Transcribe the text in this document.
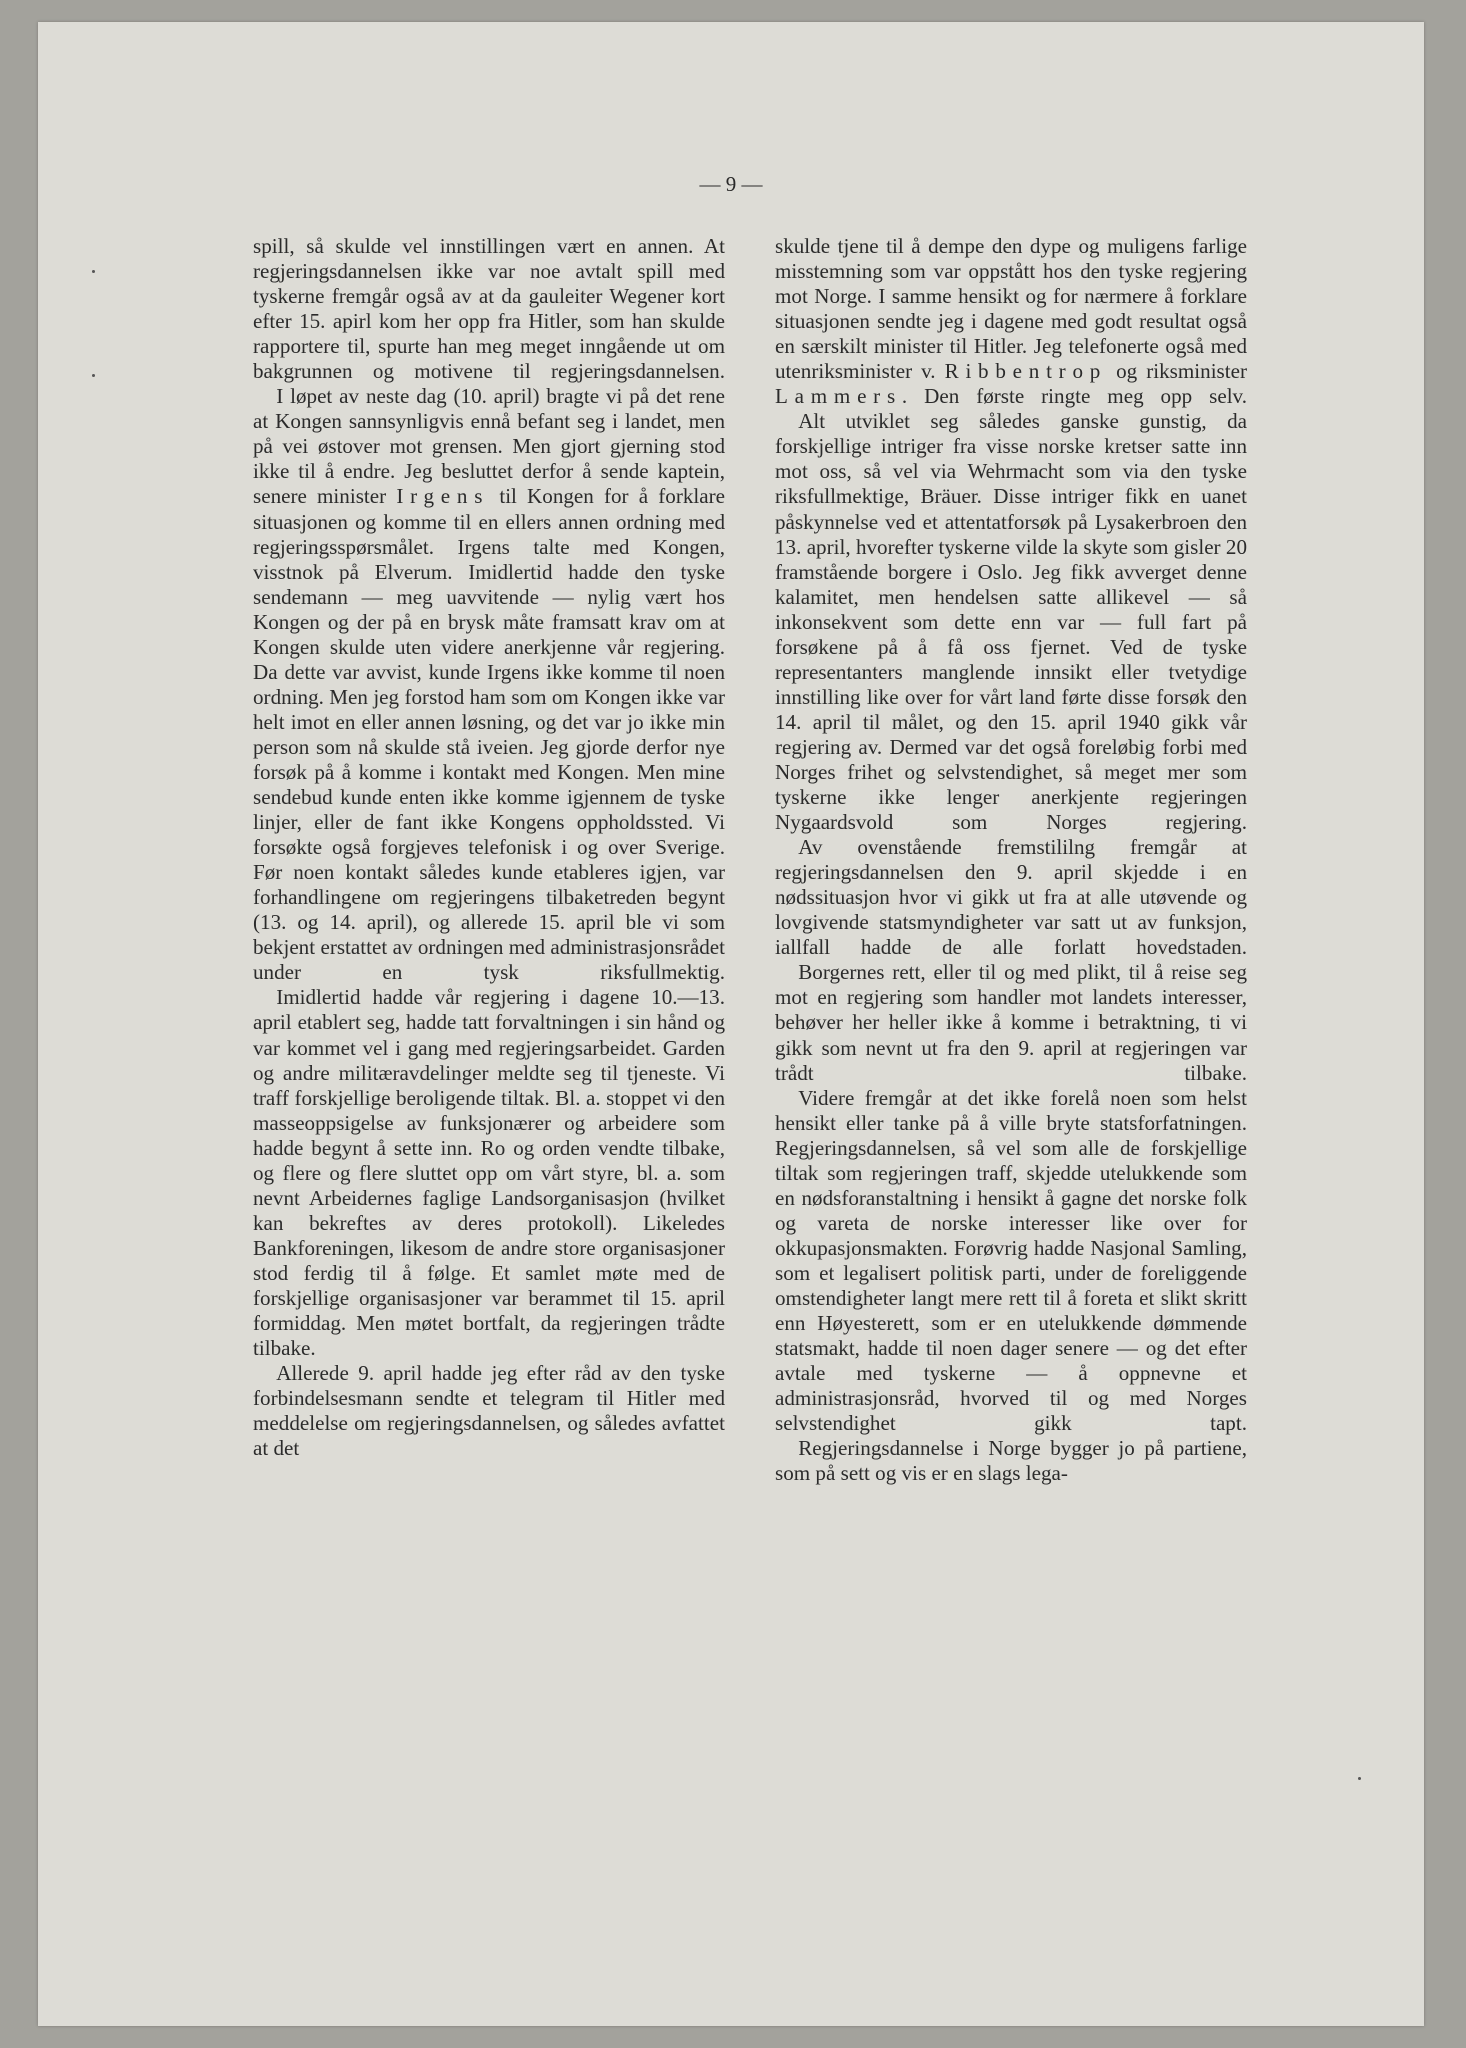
— 9 —

spill, så skulde vel innstillingen vært en annen. At regjeringsdannelsen ikke var noe avtalt spill med tyskerne fremgår også av at da gauleiter Wegener kort efter 15. apirl kom her opp fra Hitler, som han skulde rapportere til, spurte han meg meget inngående ut om bakgrunnen og motivene til regjeringsdannelsen.

I løpet av neste dag (10. april) bragte vi på det rene at Kongen sannsynligvis ennå befant seg i landet, men på vei østover mot grensen. Men gjort gjerning stod ikke til å endre. Jeg besluttet derfor å sende kaptein, senere minister Irgens til Kongen for å forklare situasjonen og komme til en ellers annen ordning med regjeringsspørsmålet. Irgens talte med Kongen, visstnok på Elverum. Imidlertid hadde den tyske sendemann — meg uavvitende — nylig vært hos Kongen og der på en brysk måte framsatt krav om at Kongen skulde uten videre anerkjenne vår regjering. Da dette var avvist, kunde Irgens ikke komme til noen ordning. Men jeg forstod ham som om Kongen ikke var helt imot en eller annen løsning, og det var jo ikke min person som nå skulde stå iveien. Jeg gjorde derfor nye forsøk på å komme i kontakt med Kongen. Men mine sendebud kunde enten ikke komme igjennem de tyske linjer, eller de fant ikke Kongens oppholdssted. Vi forsøkte også forgjeves telefonisk i og over Sverige. Før noen kontakt således kunde etableres igjen, var forhandlingene om regjeringens tilbaketreden begynt (13. og 14. april), og allerede 15. april ble vi som bekjent erstattet av ordningen med administrasjonsrådet under en tysk riksfullmektig.

Imidlertid hadde vår regjering i dagene 10.—13. april etablert seg, hadde tatt forvaltningen i sin hånd og var kommet vel i gang med regjeringsarbeidet. Garden og andre militæravdelinger meldte seg til tjeneste. Vi traff forskjellige beroligende tiltak. Bl. a. stoppet vi den masseoppsigelse av funksjonærer og arbeidere som hadde begynt å sette inn. Ro og orden vendte tilbake, og flere og flere sluttet opp om vårt styre, bl. a. som nevnt Arbeidernes faglige Landsorganisasjon (hvilket kan bekreftes av deres protokoll). Likeledes Bankforeningen, likesom de andre store organisasjoner stod ferdig til å følge. Et samlet møte med de forskjellige organisasjoner var berammet til 15. april formiddag. Men møtet bortfalt, da regjeringen trådte tilbake.

Allerede 9. april hadde jeg efter råd av den tyske forbindelsesmann sendte et telegram til Hitler med meddelelse om regjeringsdannelsen, og således avfattet at det

skulde tjene til å dempe den dype og muligens farlige misstemning som var oppstått hos den tyske regjering mot Norge. I samme hensikt og for nærmere å forklare situasjonen sendte jeg i dagene med godt resultat også en særskilt minister til Hitler. Jeg telefonerte også med utenriksminister v. Ribbentrop og riksminister Lammers. Den første ringte meg opp selv.

Alt utviklet seg således ganske gunstig, da forskjellige intriger fra visse norske kretser satte inn mot oss, så vel via Wehrmacht som via den tyske riksfullmektige, Bräuer. Disse intriger fikk en uanet påskynnelse ved et attentatforsøk på Lysakerbroen den 13. april, hvorefter tyskerne vilde la skyte som gisler 20 framstående borgere i Oslo. Jeg fikk avverget denne kalamitet, men hendelsen satte allikevel — så inkonsekvent som dette enn var — full fart på forsøkene på å få oss fjernet. Ved de tyske representanters manglende innsikt eller tvetydige innstilling like over for vårt land førte disse forsøk den 14. april til målet, og den 15. april 1940 gikk vår regjering av. Dermed var det også foreløbig forbi med Norges frihet og selvstendighet, så meget mer som tyskerne ikke lenger anerkjente regjeringen Nygaardsvold som Norges regjering.

Av ovenstående fremstililng fremgår at regjeringsdannelsen den 9. april skjedde i en nødssituasjon hvor vi gikk ut fra at alle utøvende og lovgivende statsmyndigheter var satt ut av funksjon, iallfall hadde de alle forlatt hovedstaden.

Borgernes rett, eller til og med plikt, til å reise seg mot en regjering som handler mot landets interesser, behøver her heller ikke å komme i betraktning, ti vi gikk som nevnt ut fra den 9. april at regjeringen var trådt tilbake.

Videre fremgår at det ikke forelå noen som helst hensikt eller tanke på å ville bryte statsforfatningen. Regjeringsdannelsen, så vel som alle de forskjellige tiltak som regjeringen traff, skjedde utelukkende som en nødsforanstaltning i hensikt å gagne det norske folk og vareta de norske interesser like over for okkupasjonsmakten. Forøvrig hadde Nasjonal Samling, som et legalisert politisk parti, under de foreliggende omstendigheter langt mere rett til å foreta et slikt skritt enn Høyesterett, som er en utelukkende dømmende statsmakt, hadde til noen dager senere — og det efter avtale med tyskerne — å oppnevne et administrasjonsråd, hvorved til og med Norges selvstendighet gikk tapt.

Regjeringsdannelse i Norge bygger jo på partiene, som på sett og vis er en slags lega-
